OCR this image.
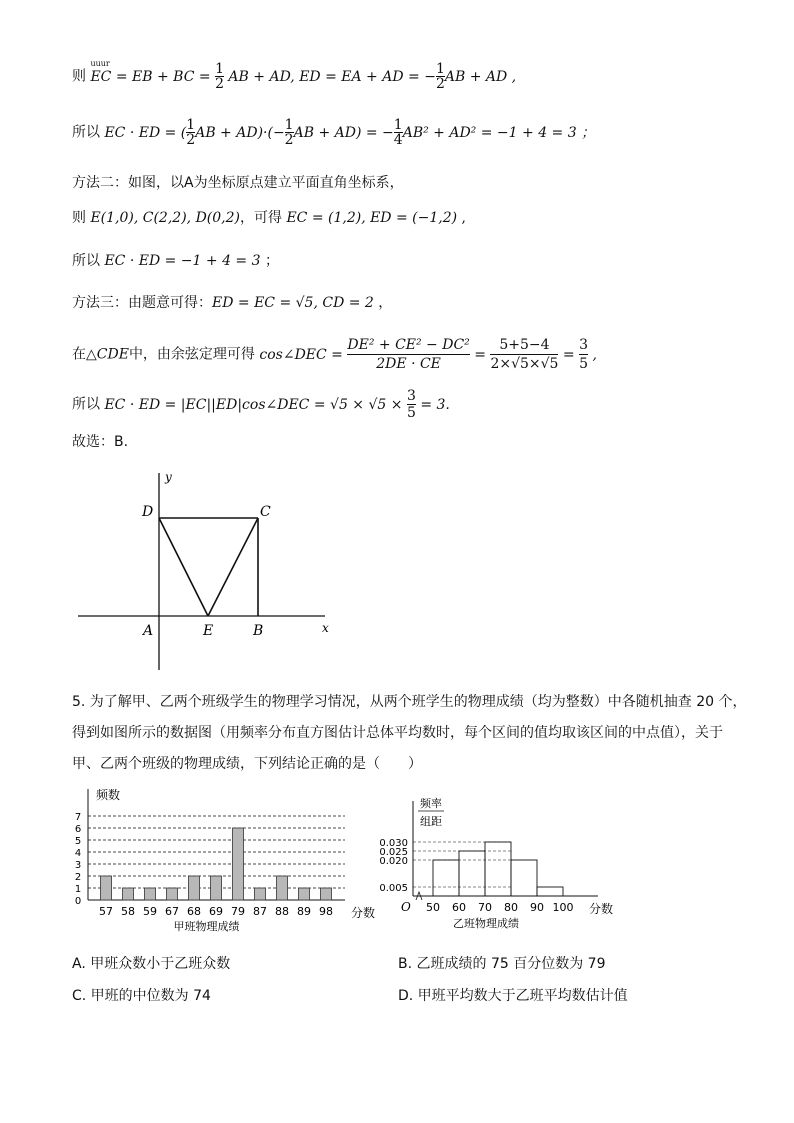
则 EC
uuur
= EB + BC = $\frac{1}{2}$ AB + AD, ED = EA + AD = $-\frac{1}{2}$ AB + AD ,
所以 EC · ED = (1

2 AB + AD)·(−1

2 AB + AD) = −1

4 AB² + AD² = −1 + 4 = 3 ；
方法二：如图，以A为坐标原点建立平面直角坐标系，
则 E(1,0), C(2,2), D(0,2)，可得 EC = (1,2), ED = (−1,2) ,
所以 EC · ED = −1 + 4 = 3 ；
方法三：由题意可得：ED = EC = √5, CD = 2 ，
在△CDE中，由余弦定理可得 cos∠DEC = DE² + CE² − DC²

2DE · CE
= 5+5−4

2×√5×√5
= 3

5
,
所以 EC · ED = |EC||ED|cos∠DEC = √5 × √5 × 3

5
= 3.
故选：B.
y
x
D	C
A	E	B
5. 为了解甲、乙两个班级学生的物理学习情况，从两个班学生的物理成绩（均为整数）中各随机抽查 20 个，
得到如图所示的数据图（用频率分布直方图估计总体平均数时，每个区间的值均取该区间的中点值），关于
甲、乙两个班级的物理成绩，下列结论正确的是（　　）
频数
0
1
2
3
4
5
6
7
57 58 59 67 68 69 79 87 88 89 98 分数
甲班物理成绩
频率
组距
O
0.030
0.025
0.020
0.005
50 60 70 80 90 100 分数
乙班物理成绩
A. 甲班众数小于乙班众数	B. 乙班成绩的 75 百分位数为 79
C. 甲班的中位数为 74	D. 甲班平均数大于乙班平均数估计值
